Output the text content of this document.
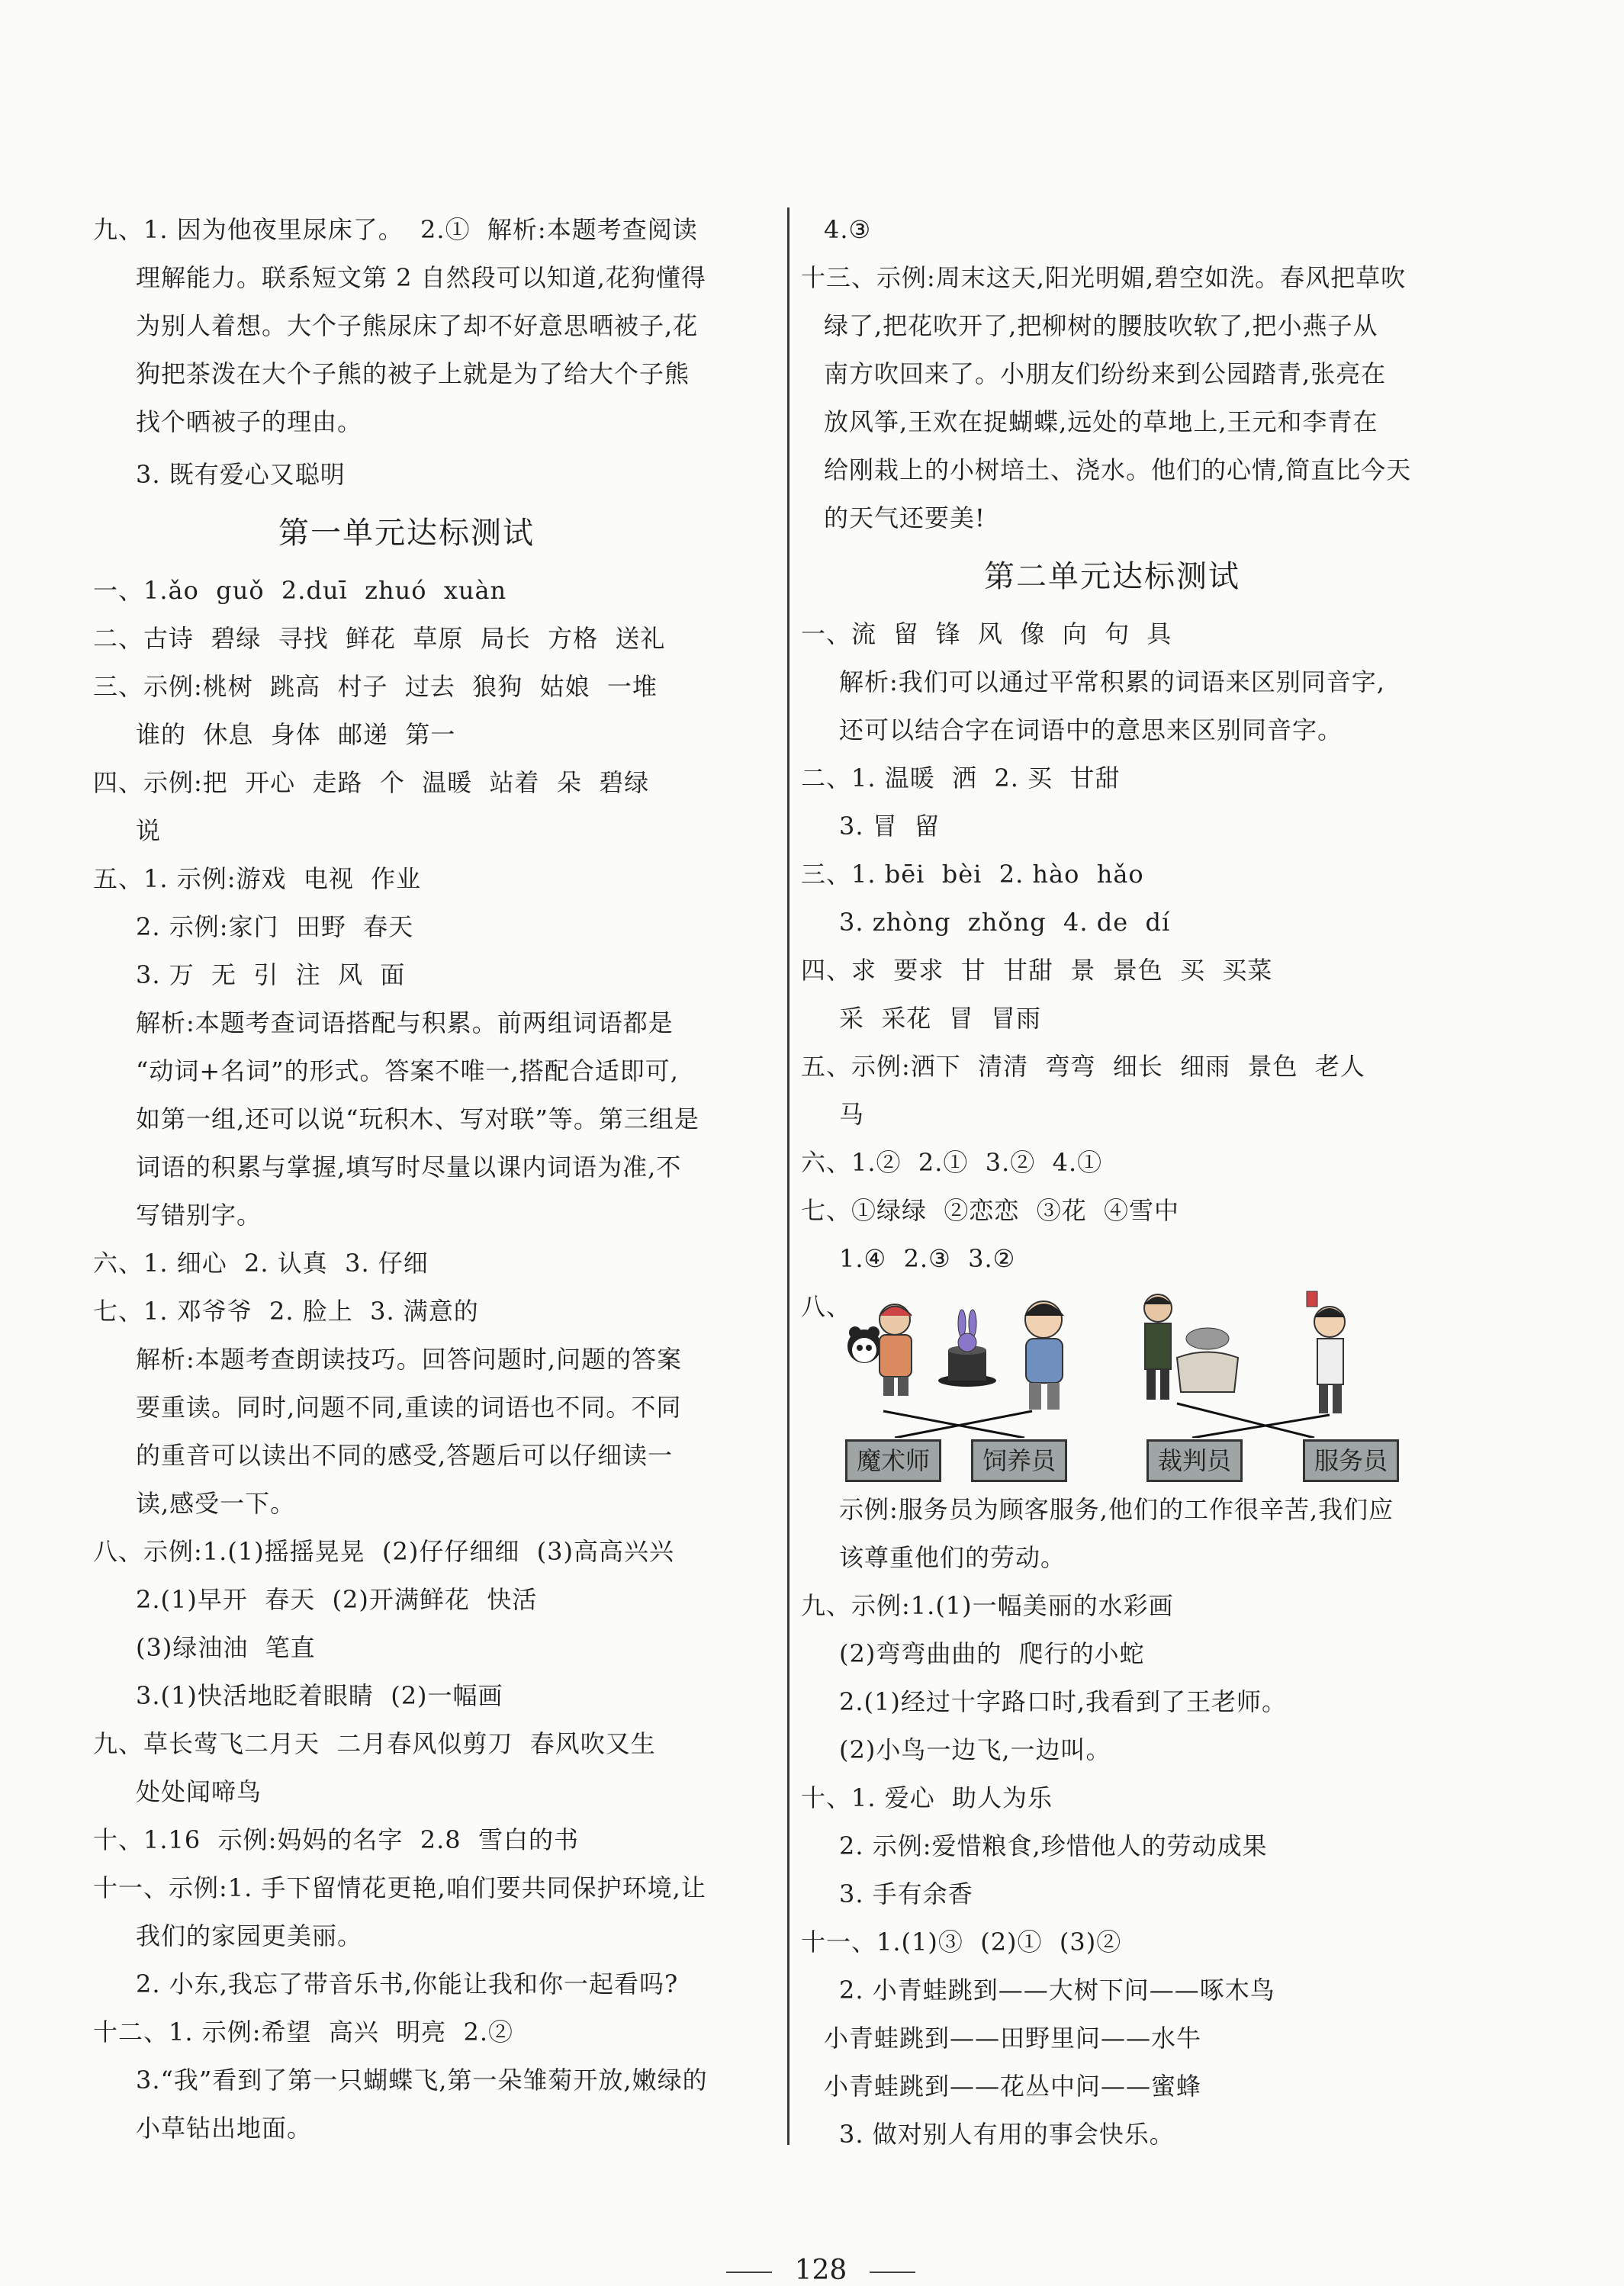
九、1. 因为他夜里尿床了。  2.①  解析:本题考查阅读
理解能力。联系短文第 2 自然段可以知道,花狗懂得
为别人着想。大个子熊尿床了却不好意思晒被子,花
狗把茶泼在大个子熊的被子上就是为了给大个子熊
找个晒被子的理由。
3. 既有爱心又聪明
第一单元达标测试
一、1.ǎo  guǒ  2.duī  zhuó  xuàn
二、古诗  碧绿  寻找  鲜花  草原  局长  方格  送礼
三、示例:桃树  跳高  村子  过去  狼狗  姑娘  一堆
谁的  休息  身体  邮递  第一
四、示例:把  开心  走路  个  温暖  站着  朵  碧绿
说
五、1. 示例:游戏  电视  作业
2. 示例:家门  田野  春天
3. 万  无  引  注  风  面
解析:本题考查词语搭配与积累。前两组词语都是
“动词+名词”的形式。答案不唯一,搭配合适即可,
如第一组,还可以说“玩积木、写对联”等。第三组是
词语的积累与掌握,填写时尽量以课内词语为准,不
写错别字。
六、1. 细心  2. 认真  3. 仔细
七、1. 邓爷爷  2. 脸上  3. 满意的
解析:本题考查朗读技巧。回答问题时,问题的答案
要重读。同时,问题不同,重读的词语也不同。不同
的重音可以读出不同的感受,答题后可以仔细读一
读,感受一下。
八、示例:1.(1)摇摇晃晃  (2)仔仔细细  (3)高高兴兴
2.(1)早开  春天  (2)开满鲜花  快活
(3)绿油油  笔直
3.(1)快活地眨着眼睛  (2)一幅画
九、草长莺飞二月天  二月春风似剪刀  春风吹又生
处处闻啼鸟
十、1.16  示例:妈妈的名字  2.8  雪白的书
十一、示例:1. 手下留情花更艳,咱们要共同保护环境,让
我们的家园更美丽。
2. 小东,我忘了带音乐书,你能让我和你一起看吗?
十二、1. 示例:希望  高兴  明亮  2.②
3.“我”看到了第一只蝴蝶飞,第一朵雏菊开放,嫩绿的
小草钻出地面。
4.③
十三、示例:周末这天,阳光明媚,碧空如洗。春风把草吹
绿了,把花吹开了,把柳树的腰肢吹软了,把小燕子从
南方吹回来了。小朋友们纷纷来到公园踏青,张亮在
放风筝,王欢在捉蝴蝶,远处的草地上,王元和李青在
给刚栽上的小树培土、浇水。他们的心情,简直比今天
的天气还要美!
第二单元达标测试
一、流  留  锋  风  像  向  句  具
解析:我们可以通过平常积累的词语来区别同音字,
还可以结合字在词语中的意思来区别同音字。
二、1. 温暖  洒  2. 买  甘甜
3. 冒  留
三、1. bēi  bèi  2. hào  hǎo
3. zhòng  zhǒng  4. de  dí
四、求  要求  甘  甘甜  景  景色  买  买菜
采  采花  冒  冒雨
五、示例:洒下  清清  弯弯  细长  细雨  景色  老人
马
六、1.②  2.①  3.②  4.①
七、①绿绿  ②恋恋  ③花  ④雪中
1.④  2.③  3.②
八、
示例:服务员为顾客服务,他们的工作很辛苦,我们应
该尊重他们的劳动。
九、示例:1.(1)一幅美丽的水彩画
(2)弯弯曲曲的  爬行的小蛇
2.(1)经过十字路口时,我看到了王老师。
(2)小鸟一边飞,一边叫。
十、1. 爱心  助人为乐
2. 示例:爱惜粮食,珍惜他人的劳动成果
3. 手有余香
十一、1.(1)③  (2)①  (3)②
2. 小青蛙跳到——大树下问——啄木鸟
小青蛙跳到——田野里问——水牛
小青蛙跳到——花丛中问——蜜蜂
3. 做对别人有用的事会快乐。
魔术师	饲养员	裁判员	服务员

128
